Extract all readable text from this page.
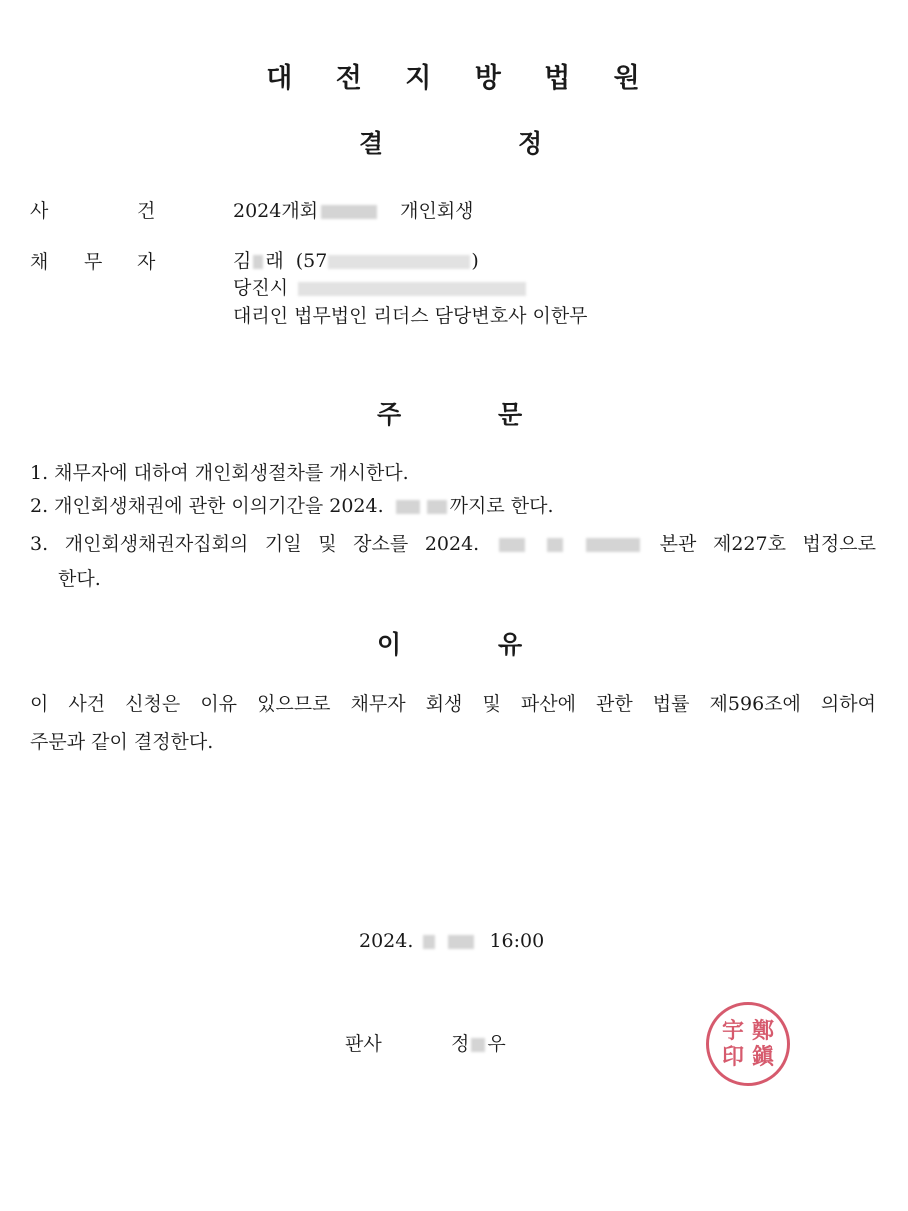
대 전 지 방 법 원
결	정
사	건	2024개회	개인회생
채 무 자	김 래 (57	)
당진시
대리인 법무법인 리더스 담당변호사 이한무
주	문
1. 채무자에 대하여 개인회생절차를 개시한다.
2. 개인회생채권에 관한 이의기간을 2024.	까지로 한다.
3. 개인회생채권자집회의 기일 및 장소를 2024.	본관 제227호 법정으로
한다.
이	유
이 사건 신청은 이유 있으므로 채무자 회생 및 파산에 관한 법률 제596조에 의하여
주문과 같이 결정한다.
2024.	16:00
판사	정 우	宇 鄭
印 鎭
